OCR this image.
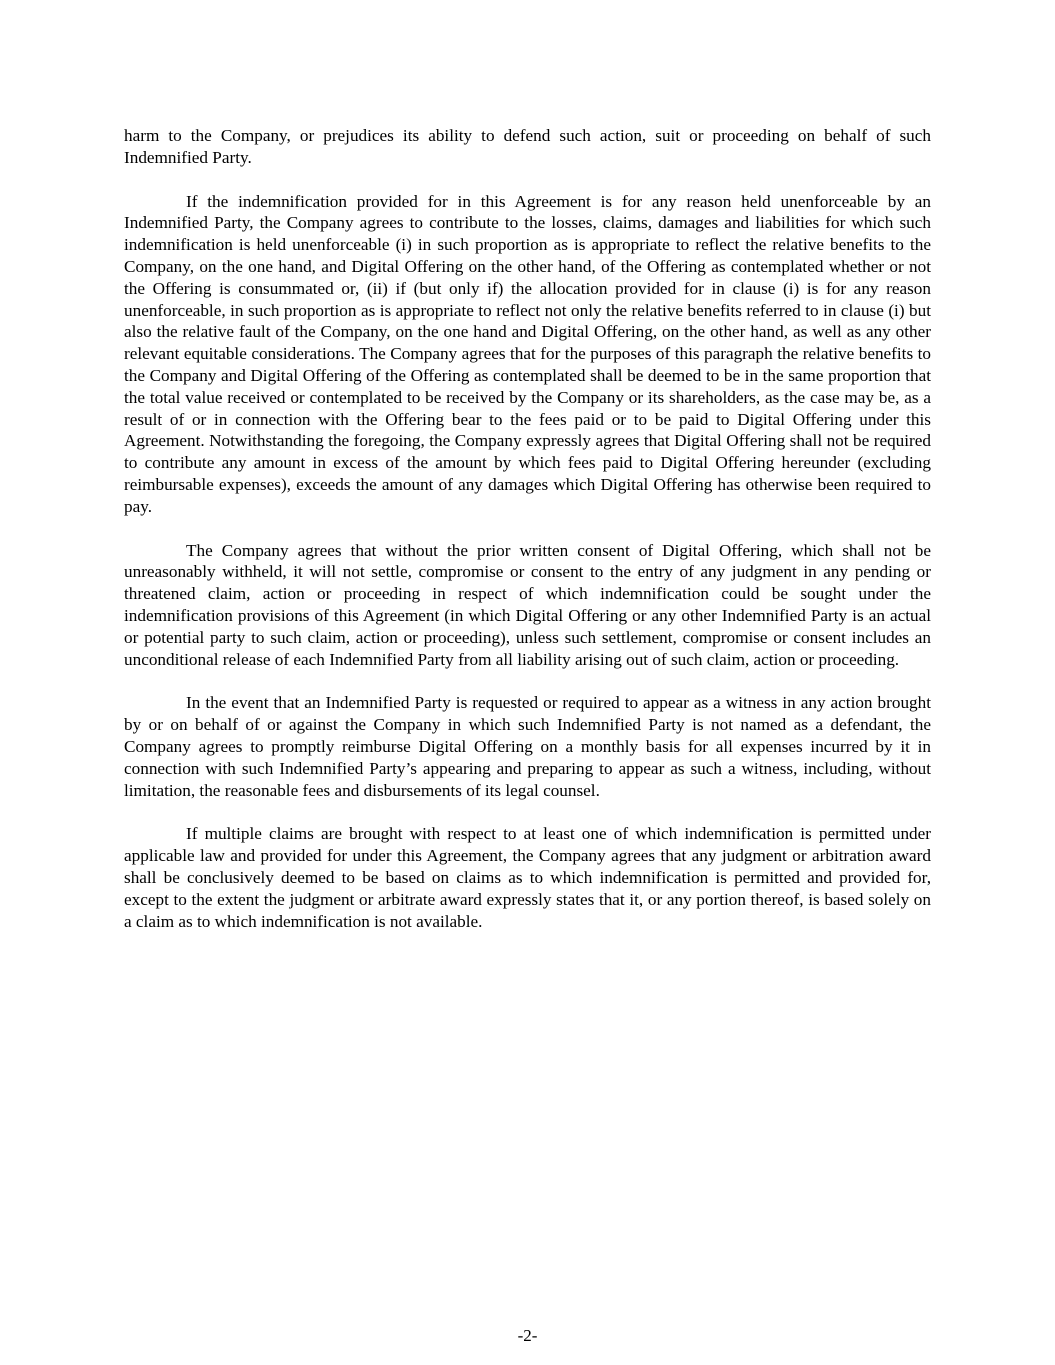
harm to the Company, or prejudices its ability to defend such action, suit or proceeding on behalf of such Indemnified Party.

If the indemnification provided for in this Agreement is for any reason held unenforceable by an Indemnified Party, the Company agrees to contribute to the losses, claims, damages and liabilities for which such indemnification is held unenforceable (i) in such proportion as is appropriate to reflect the relative benefits to the Company, on the one hand, and Digital Offering on the other hand, of the Offering as contemplated whether or not the Offering is consummated or, (ii) if (but only if) the allocation provided for in clause (i) is for any reason unenforceable, in such proportion as is appropriate to reflect not only the relative benefits referred to in clause (i) but also the relative fault of the Company, on the one hand and Digital Offering, on the other hand, as well as any other relevant equitable considerations. The Company agrees that for the purposes of this paragraph the relative benefits to the Company and Digital Offering of the Offering as contemplated shall be deemed to be in the same proportion that the total value received or contemplated to be received by the Company or its shareholders, as the case may be, as a result of or in connection with the Offering bear to the fees paid or to be paid to Digital Offering under this Agreement. Notwithstanding the foregoing, the Company expressly agrees that Digital Offering shall not be required to contribute any amount in excess of the amount by which fees paid to Digital Offering hereunder (excluding reimbursable expenses), exceeds the amount of any damages which Digital Offering has otherwise been required to pay.

The Company agrees that without the prior written consent of Digital Offering, which shall not be unreasonably withheld, it will not settle, compromise or consent to the entry of any judgment in any pending or threatened claim, action or proceeding in respect of which indemnification could be sought under the indemnification provisions of this Agreement (in which Digital Offering or any other Indemnified Party is an actual or potential party to such claim, action or proceeding), unless such settlement, compromise or consent includes an unconditional release of each Indemnified Party from all liability arising out of such claim, action or proceeding.

In the event that an Indemnified Party is requested or required to appear as a witness in any action brought by or on behalf of or against the Company in which such Indemnified Party is not named as a defendant, the Company agrees to promptly reimburse Digital Offering on a monthly basis for all expenses incurred by it in connection with such Indemnified Party’s appearing and preparing to appear as such a witness, including, without limitation, the reasonable fees and disbursements of its legal counsel.

If multiple claims are brought with respect to at least one of which indemnification is permitted under applicable law and provided for under this Agreement, the Company agrees that any judgment or arbitration award shall be conclusively deemed to be based on claims as to which indemnification is permitted and provided for, except to the extent the judgment or arbitrate award expressly states that it, or any portion thereof, is based solely on a claim as to which indemnification is not available.

-2-
